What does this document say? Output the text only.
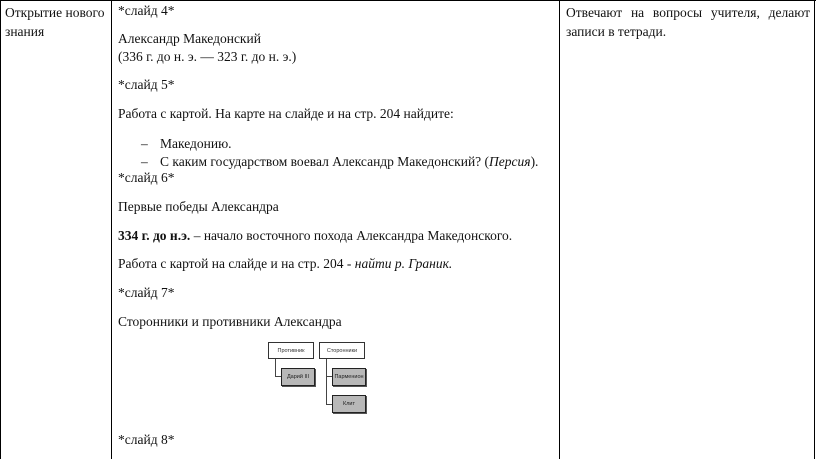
Открытие нового знания
Отвечают на вопросы учителя, делают записи в тетради.
*слайд 4*
Александр Македонский
(336 г. до н. э. — 323 г. до н. э.)
*слайд 5*
Работа с картой. На карте на слайде и на стр. 204 найдите:
– Македонию.
– С каким государством воевал Александр Македонский? (Персия).
*слайд 6*
Первые победы Александра
334 г. до н.э. – начало восточного похода Александра Македонского.
Работа с картой на слайде и на стр. 204 - найти р. Граник.
*слайд 7*
Сторонники и противники Александра
Противник	Сторонники
Дарий III	Парменион
Клит
*слайд 8*
